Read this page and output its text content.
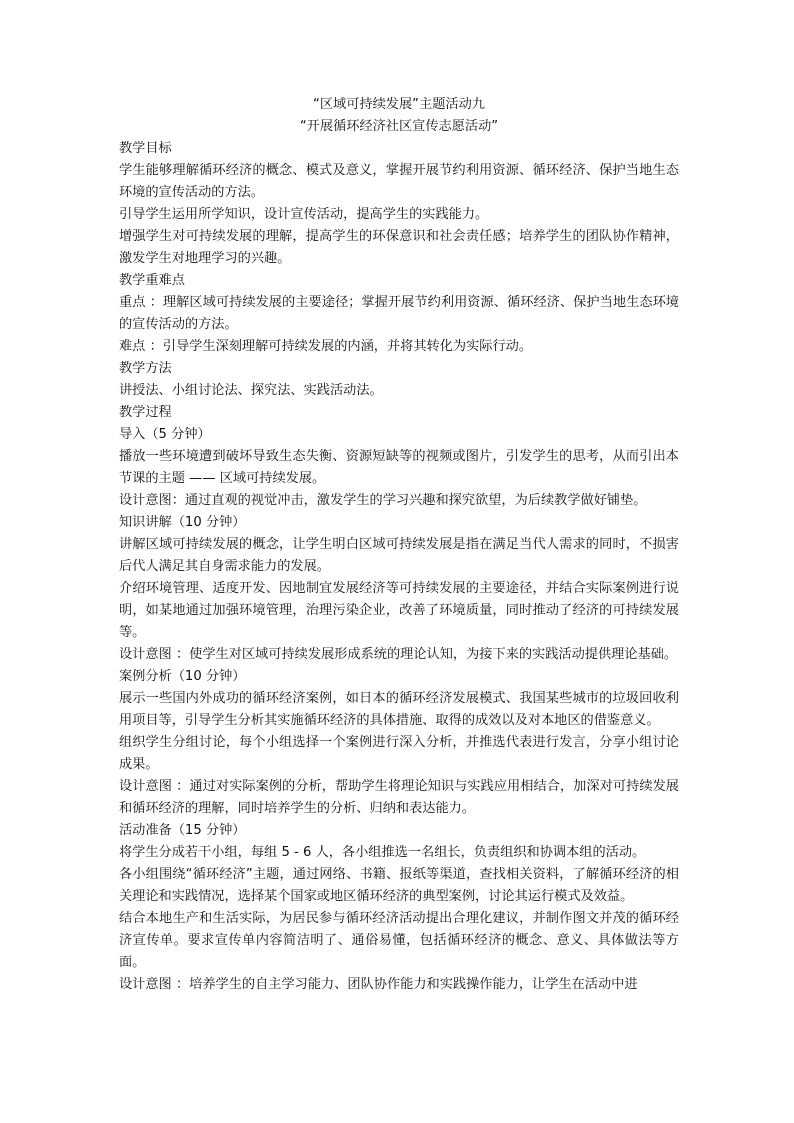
“区域可持续发展”主题活动九

“开展循环经济社区宣传志愿活动”

教学目标

学生能够理解循环经济的概念、模式及意义，掌握开展节约利用资源、循环经济、保护当地生态环境的宣传活动的方法。

引导学生运用所学知识，设计宣传活动，提高学生的实践能力。

增强学生对可持续发展的理解，提高学生的环保意识和社会责任感；培养学生的团队协作精神，激发学生对地理学习的兴趣。

教学重难点

重点 ：理解区域可持续发展的主要途径；掌握开展节约利用资源、循环经济、保护当地生态环境的宣传活动的方法。

难点 ：引导学生深刻理解可持续发展的内涵，并将其转化为实际行动。

教学方法

讲授法、小组讨论法、探究法、实践活动法。

教学过程

导入（5 分钟）

播放一些环境遭到破坏导致生态失衡、资源短缺等的视频或图片，引发学生的思考，从而引出本节课的主题 —— 区域可持续发展。

设计意图：通过直观的视觉冲击，激发学生的学习兴趣和探究欲望，为后续教学做好铺垫。

知识讲解（10 分钟）

讲解区域可持续发展的概念，让学生明白区域可持续发展是指在满足当代人需求的同时，不损害后代人满足其自身需求能力的发展。

介绍环境管理、适度开发、因地制宜发展经济等可持续发展的主要途径，并结合实际案例进行说明，如某地通过加强环境管理，治理污染企业，改善了环境质量，同时推动了经济的可持续发展等。

设计意图 ：使学生对区域可持续发展形成系统的理论认知，为接下来的实践活动提供理论基础。

案例分析（10 分钟）

展示一些国内外成功的循环经济案例，如日本的循环经济发展模式、我国某些城市的垃圾回收利用项目等，引导学生分析其实施循环经济的具体措施、取得的成效以及对本地区的借鉴意义。

组织学生分组讨论，每个小组选择一个案例进行深入分析，并推选代表进行发言，分享小组讨论成果。

设计意图 ：通过对实际案例的分析，帮助学生将理论知识与实践应用相结合，加深对可持续发展和循环经济的理解，同时培养学生的分析、归纳和表达能力。

活动准备（15 分钟）

将学生分成若干小组，每组 5 - 6 人，各小组推选一名组长，负责组织和协调本组的活动。

各小组围绕“循环经济”主题，通过网络、书籍、报纸等渠道，查找相关资料，了解循环经济的相关理论和实践情况，选择某个国家或地区循环经济的典型案例，讨论其运行模式及效益。

结合本地生产和生活实际，为居民参与循环经济活动提出合理化建议，并制作图文并茂的循环经济宣传单。要求宣传单内容简洁明了、通俗易懂，包括循环经济的概念、意义、具体做法等方面。

设计意图 ：培养学生的自主学习能力、团队协作能力和实践操作能力，让学生在活动中进
